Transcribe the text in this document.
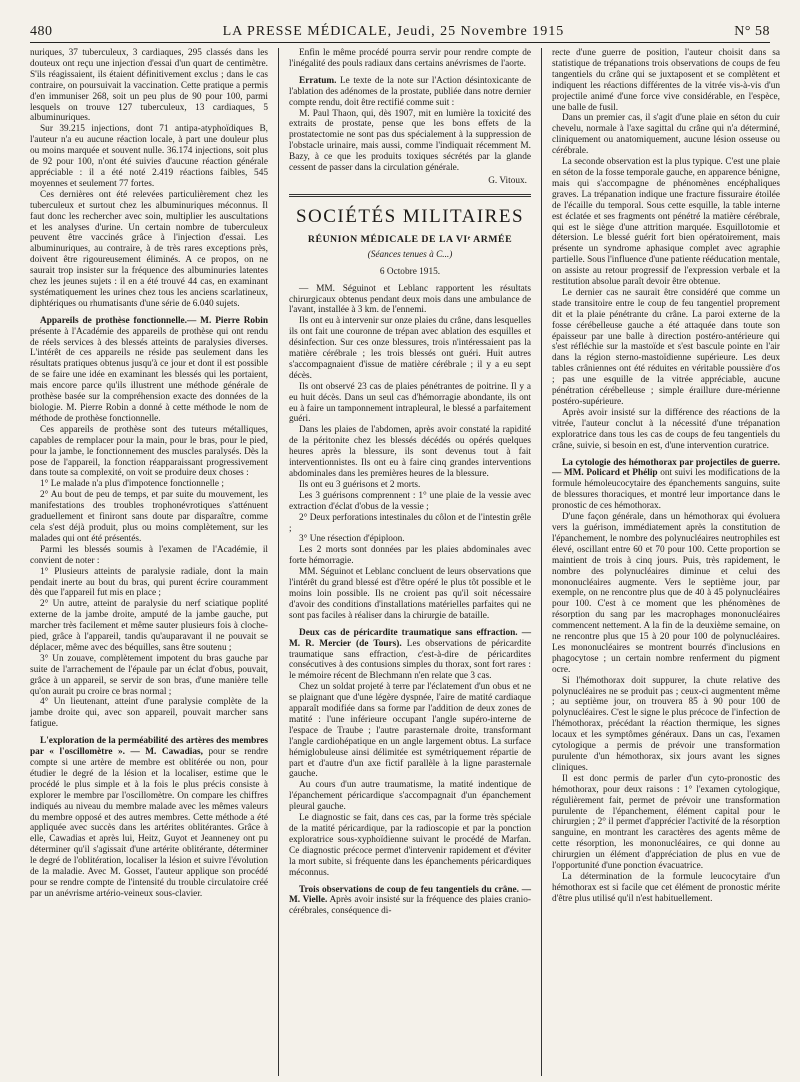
480	LA PRESSE MÉDICALE, Jeudi, 25 Novembre 1915	N° 58

nuriques, 37 tuberculeux, 3 cardiaques, 295 classés dans les douteux ont reçu une injection d'essai d'un quart de centimètre. S'ils réagissaient, ils étaient définitivement exclus ; dans le cas contraire, on poursuivait la vaccination. Cette pratique a permis d'en immuniser 268, soit un peu plus de 90 pour 100, parmi lesquels on trouve 127 tuberculeux, 13 cardiaques, 5 albuminuriques.

Sur 39.215 injections, dont 71 antipa-atyphoïdiques B, l'auteur n'a eu aucune réaction locale, à part une douleur plus ou moins marquée et souvent nulle. 36.174 injections, soit plus de 92 pour 100, n'ont été suivies d'aucune réaction générale appréciable : il a été noté 2.419 réactions faibles, 545 moyennes et seulement 77 fortes.

Ces dernières ont été relevées particulièrement chez les tuberculeux et surtout chez les albuminuriques méconnus. Il faut donc les rechercher avec soin, multiplier les auscultations et les analyses d'urine. Un certain nombre de tuberculeux peuvent être vaccinés grâce à l'injection d'essai. Les albuminuriques, au contraire, à de très rares exceptions près, doivent être rigoureusement éliminés. A ce propos, on ne saurait trop insister sur la fréquence des albuminuries latentes chez les jeunes sujets : il en a été trouvé 44 cas, en examinant systématiquement les urines chez tous les anciens scarlatineux, diphtériques ou rhumatisants d'une série de 6.040 sujets.

Appareils de prothèse fonctionnelle.— M. Pierre Robin présente à l'Académie des appareils de prothèse qui ont rendu de réels services à des blessés atteints de paralysies diverses. L'intérêt de ces appareils ne réside pas seulement dans les résultats pratiques obtenus jusqu'à ce jour et dont il est possible de se faire une idée en examinant les blessés qui les portaient, mais encore parce qu'ils illustrent une méthode générale de prothèse basée sur la compréhension exacte des données de la biologie. M. Pierre Robin a donné à cette méthode le nom de méthode de prothèse fonctionnelle.

Ces appareils de prothèse sont des tuteurs métalliques, capables de remplacer pour la main, pour le bras, pour le pied, pour la jambe, le fonctionnement des muscles paralysés. Dès la pose de l'appareil, la fonction réapparaissant progressivement dans toute sa complexité, on voit se produire deux choses :

1° Le malade n'a plus d'impotence fonctionnelle ;

2° Au bout de peu de temps, et par suite du mouvement, les manifestations des troubles trophonévrotiques s'atténuent graduellement et finiront sans doute par disparaître, comme cela s'est déjà produit, plus ou moins complètement, sur les malades qui ont été présentés.

Parmi les blessés soumis à l'examen de l'Académie, il convient de noter :

1° Plusieurs atteints de paralysie radiale, dont la main pendait inerte au bout du bras, qui purent écrire couramment dès que l'appareil fut mis en place ;

2° Un autre, atteint de paralysie du nerf sciatique poplité externe de la jambe droite, amputé de la jambe gauche, put marcher très facilement et même sauter plusieurs fois à cloche-pied, grâce à l'appareil, tandis qu'auparavant il ne pouvait se déplacer, même avec des béquilles, sans être soutenu ;

3° Un zouave, complètement impotent du bras gauche par suite de l'arrachement de l'épaule par un éclat d'obus, pouvait, grâce à un appareil, se servir de son bras, d'une manière telle qu'on aurait pu croire ce bras normal ;

4° Un lieutenant, atteint d'une paralysie complète de la jambe droite qui, avec son appareil, pouvait marcher sans fatigue.

L'exploration de la perméabilité des artères des membres par « l'oscillomètre ». — M. Cawadias, pour se rendre compte si une artère de membre est oblitérée ou non, pour étudier le degré de la lésion et la localiser, estime que le procédé le plus simple et à la fois le plus précis consiste à explorer le membre par l'oscillomètre. On compare les chiffres indiqués au niveau du membre malade avec les mêmes valeurs du membre opposé et des autres membres. Cette méthode a été appliquée avec succès dans les artérites oblitérantes. Grâce à elle, Cawadias et après lui, Heitz, Guyot et Jeanneney ont pu déterminer qu'il s'agissait d'une artérite oblitérante, déterminer le degré de l'oblitération, localiser la lésion et suivre l'évolution de la maladie. Avec M. Gosset, l'auteur applique son procédé pour se rendre compte de l'intensité du trouble circulatoire créé par un anévrisme artério-veineux sous-clavier.

Enfin le même procédé pourra servir pour rendre compte de l'inégalité des pouls radiaux dans certains anévrismes de l'aorte.

Erratum. Le texte de la note sur l'Action désintoxicante de l'ablation des adénomes de la prostate, publiée dans notre dernier compte rendu, doit être rectifié comme suit :

M. Paul Thaon, qui, dès 1907, mit en lumière la toxicité des extraits de prostate, pense que les bons effets de la prostatectomie ne sont pas dus spécialement à la suppression de l'obstacle urinaire, mais aussi, comme l'indiquait récemment M. Bazy, à ce que les produits toxiques sécrétés par la glande cessent de passer dans la circulation générale.

G. Vitoux.
SOCIÉTÉS MILITAIRES
RÉUNION MÉDICALE DE LA VIᵉ ARMÉE
(Séances tenues à C...)
6 Octobre 1915.

— MM. Séguinot et Leblanc rapportent les résultats chirurgicaux obtenus pendant deux mois dans une ambulance de l'avant, installée à 3 km. de l'ennemi.

Ils ont eu à intervenir sur onze plaies du crâne, dans lesquelles ils ont fait une couronne de trépan avec ablation des esquilles et désinfection. Sur ces onze blessures, trois n'intéressaient pas la matière cérébrale ; les trois blessés ont guéri. Huit autres s'accompagnaient d'issue de matière cérébrale ; il y a eu sept décès.

Ils ont observé 23 cas de plaies pénétrantes de poitrine. Il y a eu huit décès. Dans un seul cas d'hémorragie abondante, ils ont eu à faire un tamponnement intrapleural, le blessé a parfaitement guéri.

Dans les plaies de l'abdomen, après avoir constaté la rapidité de la péritonite chez les blessés décédés ou opérés quelques heures après la blessure, ils sont devenus tout à fait interventionnistes. Ils ont eu à faire cinq grandes interventions abdominales dans les premières heures de la blessure.

Ils ont eu 3 guérisons et 2 morts.

Les 3 guérisons comprennent : 1° une plaie de la vessie avec extraction d'éclat d'obus de la vessie ;

2° Deux perforations intestinales du côlon et de l'intestin grêle ;

3° Une résection d'épiploon.

Les 2 morts sont données par les plaies abdominales avec forte hémorragie.

MM. Séguinot et Leblanc concluent de leurs observations que l'intérêt du grand blessé est d'être opéré le plus tôt possible et le moins loin possible. Ils ne croient pas qu'il soit nécessaire d'avoir des conditions d'installations matérielles parfaites qui ne sont pas faciles à réaliser dans la chirurgie de bataille.

Deux cas de péricardite traumatique sans effraction. — M. R. Mercier (de Tours). Les observations de péricardite traumatique sans effraction, c'est-à-dire de péricardites consécutives à des contusions simples du thorax, sont fort rares : le mémoire récent de Blechmann n'en relate que 3 cas.

Chez un soldat projeté à terre par l'éclatement d'un obus et ne se plaignant que d'une légère dyspnée, l'aire de matité cardiaque apparaît modifiée dans sa forme par l'addition de deux zones de matité : l'une inférieure occupant l'angle supéro-interne de l'espace de Traube ; l'autre parasternale droite, transformant l'angle cardiohépatique en un angle largement obtus. La surface hémiglobuleuse ainsi délimitée est symétriquement répartie de part et d'autre d'un axe fictif parallèle à la ligne parasternale gauche.

Au cours d'un autre traumatisme, la matité indentique de l'épanchement péricardique s'accompagnait d'un épanchement pleural gauche.

Le diagnostic se fait, dans ces cas, par la forme très spéciale de la matité péricardique, par la radioscopie et par la ponction exploratrice sous-xyphoïdienne suivant le procédé de Marfan. Ce diagnostic précoce permet d'intervenir rapidement et d'éviter la mort subite, si fréquente dans les épanchements péricardiques méconnus.

Trois observations de coup de feu tangentiels du crâne. — M. Vielle. Après avoir insisté sur la fréquence des plaies cranio-cérébrales, conséquence di-

recte d'une guerre de position, l'auteur choisit dans sa statistique de trépanations trois observations de coups de feu tangentiels du crâne qui se juxtaposent et se complètent et indiquent les réactions différentes de la vitrée vis-à-vis d'un projectile animé d'une force vive considérable, en l'espèce, une balle de fusil.

Dans un premier cas, il s'agit d'une plaie en séton du cuir chevelu, normale à l'axe sagittal du crâne qui n'a déterminé, cliniquement ou anatomiquement, aucune lésion osseuse ou cérébrale.

La seconde observation est la plus typique. C'est une plaie en séton de la fosse temporale gauche, en apparence bénigne, mais qui s'accompagne de phénomènes encéphaliques graves. La trépanation indique une fracture fissuraire étoilée de l'écaille du temporal. Sous cette esquille, la table interne est éclatée et ses fragments ont pénétré la matière cérébrale, qui est le siège d'une attrition marquée. Esquillotomie et détersion. Le blessé guérit fort bien opératoirement, mais présente un syndrome aphasique complet avec agraphie partielle. Sous l'influence d'une patiente rééducation mentale, on assiste au retour progressif de l'expression verbale et la restitution absolue paraît devoir être obtenue.

Le dernier cas ne saurait être considéré que comme un stade transitoire entre le coup de feu tangentiel proprement dit et la plaie pénétrante du crâne. La paroi externe de la fosse cérébelleuse gauche a été attaquée dans toute son épaisseur par une balle à direction postéro-antérieure qui s'est réfléchie sur la mastoïde et s'est bascule pointe en l'air dans la région sterno-mastoïdienne supérieure. Les deux tables crâniennes ont été réduites en véritable poussière d'os ; pas une esquille de la vitrée appréciable, aucune pénétration cérébelleuse ; simple éraillure dure-mérienne postéro-supérieure.

Après avoir insisté sur la différence des réactions de la vitrée, l'auteur conclut à la nécessité d'une trépanation exploratrice dans tous les cas de coups de feu tangentiels du crâne, suivie, si besoin en est, d'une intervention curatrice.

La cytologie des hémothorax par projectiles de guerre. — MM. Policard et Phélip ont suivi les modifications de la formule hémoleucocytaire des épanchements sanguins, suite de blessures thoraciques, et montré leur importance dans le pronostic de ces hémothorax.

D'une façon générale, dans un hémothorax qui évoluera vers la guérison, immédiatement après la constitution de l'épanchement, le nombre des polynucléaires neutrophiles est élevé, oscillant entre 60 et 70 pour 100. Cette proportion se maintient de trois à cinq jours. Puis, très rapidement, le nombre des polynucléaires diminue et celui des mononucléaires augmente. Vers le septième jour, par exemple, on ne rencontre plus que de 40 à 45 polynucléaires pour 100. C'est à ce moment que les phénomènes de résorption du sang par les macrophages mononucléaires commencent nettement. A la fin de la deuxième semaine, on ne rencontre plus que 15 à 20 pour 100 de polynucléaires. Les mononucléaires se montrent bourrés d'inclusions en phagocytose ; un certain nombre renferment du pigment ocre.

Si l'hémothorax doit suppurer, la chute relative des polynucléaires ne se produit pas ; ceux-ci augmentent même ; au septième jour, on trouvera 85 à 90 pour 100 de polynucléaires. C'est le signe le plus précoce de l'infection de l'hémothorax, précédant la réaction thermique, les signes locaux et les symptômes généraux. Dans un cas, l'examen cytologique a permis de prévoir une transformation purulente d'un hémothorax, six jours avant les signes cliniques.

Il est donc permis de parler d'un cyto-pronostic des hémothorax, pour deux raisons : 1° l'examen cytologique, régulièrement fait, permet de prévoir une transformation purulente de l'épanchement, élément capital pour le chirurgien ; 2° il permet d'apprécier l'activité de la résorption sanguine, en montrant les caractères des agents même de cette résorption, les mononucléaires, ce qui donne au chirurgien un élément d'appréciation de plus en vue de l'opportunité d'une ponction évacuatrice.

La détermination de la formule leucocytaire d'un hémothorax est si facile que cet élément de pronostic mérite d'être plus utilisé qu'il n'est habituellement.
